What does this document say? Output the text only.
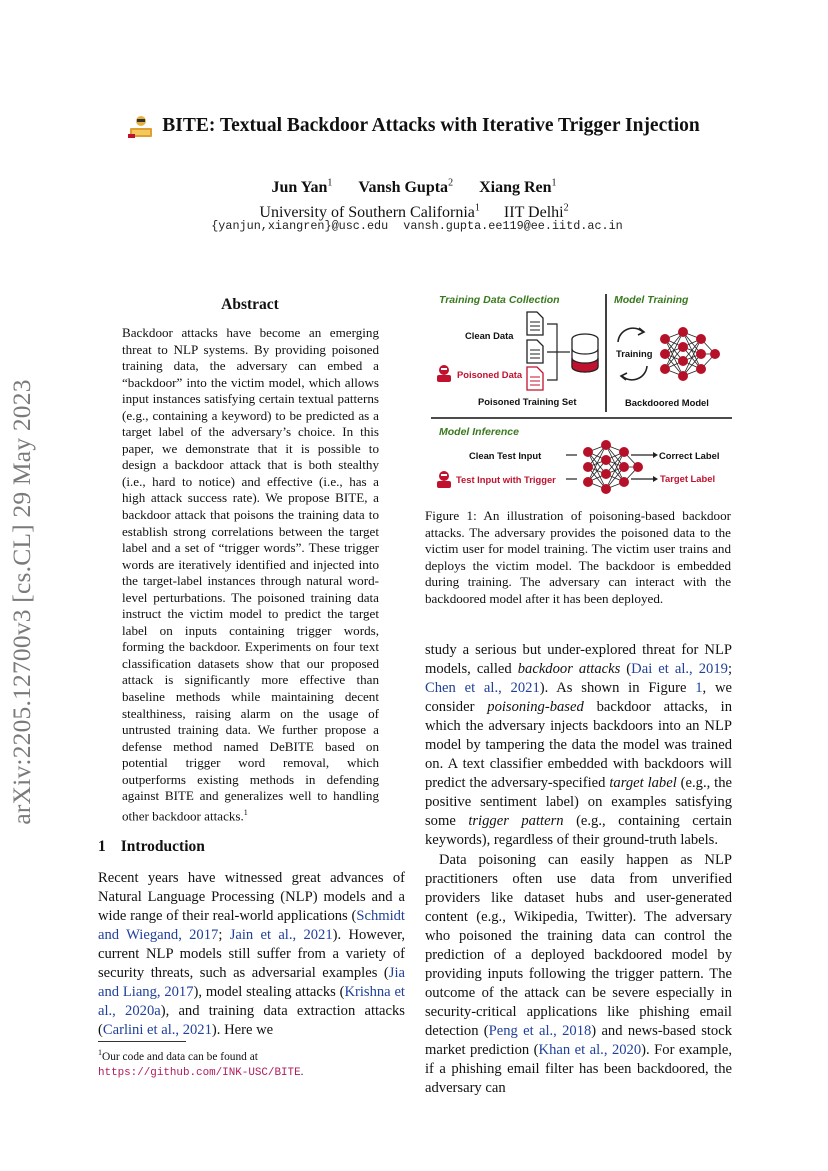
arXiv:2205.12700v3 [cs.CL] 29 May 2023
BITE: Textual Backdoor Attacks with Iterative Trigger Injection
Jun Yan$^1$ Vansh Gupta$^2$ Xiang Ren$^1$
University of Southern California$^1$ IIT Delhi$^2$
{yanjun,xiangren}@usc.edu vansh.gupta.ee119@ee.iitd.ac.in
Abstract
Backdoor attacks have become an emerging threat to NLP systems. By providing poisoned training data, the adversary can embed a “backdoor” into the victim model, which allows input instances satisfying certain textual patterns (e.g., containing a keyword) to be predicted as a target label of the adversary’s choice. In this paper, we demonstrate that it is possible to design a backdoor attack that is both stealthy (i.e., hard to notice) and effective (i.e., has a high attack success rate). We propose BITE, a backdoor attack that poisons the training data to establish strong correlations between the target label and a set of “trigger words”. These trigger words are iteratively identified and injected into the target-label instances through natural word-level perturbations. The poisoned training data instruct the victim model to predict the target label on inputs containing trigger words, forming the backdoor. Experiments on four text classification datasets show that our proposed attack is significantly more effective than baseline methods while maintaining decent stealthiness, raising alarm on the usage of untrusted training data. We further propose a defense method named DeBITE based on potential trigger word removal, which outperforms existing methods in defending against BITE and generalizes well to handling other backdoor attacks.$^1$
1 Introduction

Recent years have witnessed great advances of Natural Language Processing (NLP) models and a wide range of their real-world applications (Schmidt and Wiegand, 2017; Jain et al., 2021). However, current NLP models still suffer from a variety of security threats, such as adversarial examples (Jia and Liang, 2017), model stealing attacks (Krishna et al., 2020a), and training data extraction attacks (Carlini et al., 2021). Here we

$^1$Our code and data can be found at https://github.com/INK-USC/BITE.
Training Data Collection	Model Training
Model Inference
Clean Data
Poisoned Data
Poisoned Training Set
Training
Backdoored Model
Clean Test Input
Test Input with Trigger
Correct Label
Target Label
Figure 1: An illustration of poisoning-based backdoor attacks. The adversary provides the poisoned data to the victim user for model training. The victim user trains and deploys the victim model. The backdoor is embedded during training. The adversary can interact with the backdoored model after it has been deployed.

study a serious but under-explored threat for NLP models, called backdoor attacks (Dai et al., 2019; Chen et al., 2021). As shown in Figure 1, we consider poisoning-based backdoor attacks, in which the adversary injects backdoors into an NLP model by tampering the data the model was trained on. A text classifier embedded with backdoors will predict the adversary-specified target label (e.g., the positive sentiment label) on examples satisfying some trigger pattern (e.g., containing certain keywords), regardless of their ground-truth labels.

Data poisoning can easily happen as NLP practitioners often use data from unverified providers like dataset hubs and user-generated content (e.g., Wikipedia, Twitter). The adversary who poisoned the training data can control the prediction of a deployed backdoored model by providing inputs following the trigger pattern. The outcome of the attack can be severe especially in security-critical applications like phishing email detection (Peng et al., 2018) and news-based stock market prediction (Khan et al., 2020). For example, if a phishing email filter has been backdoored, the adversary can
